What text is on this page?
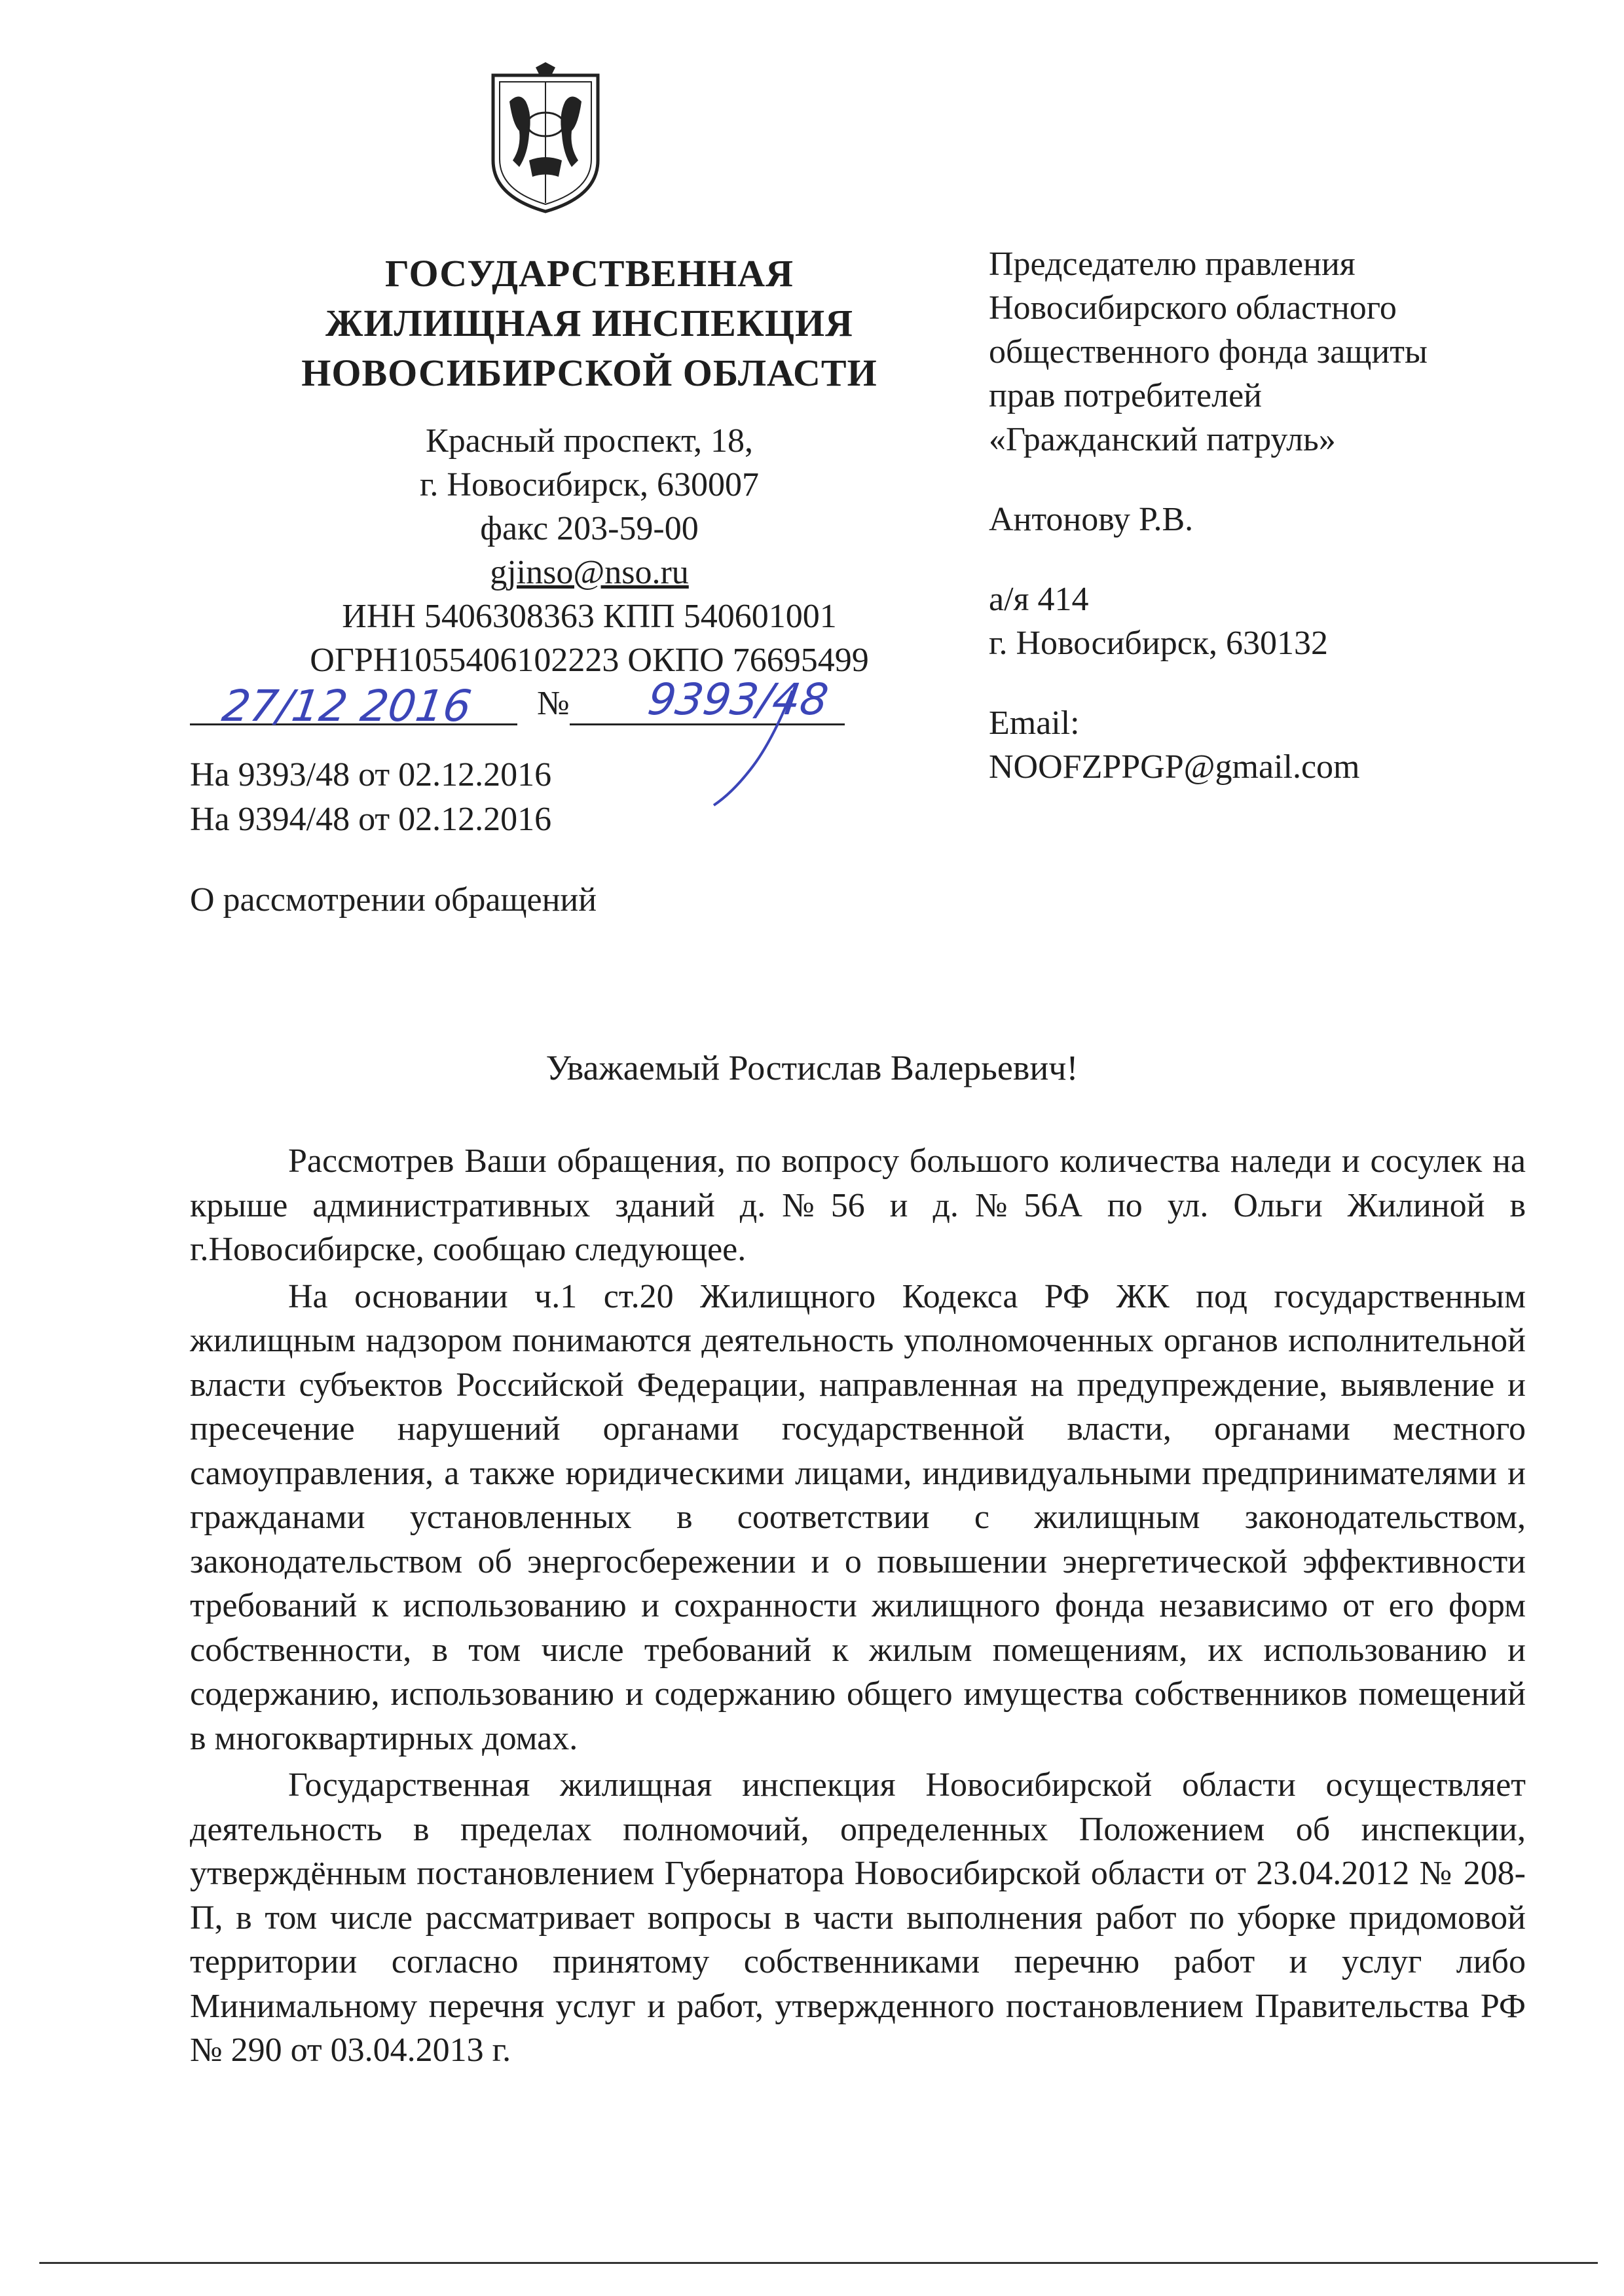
ГОСУДАРСТВЕННАЯ
ЖИЛИЩНАЯ ИНСПЕКЦИЯ
НОВОСИБИРСКОЙ ОБЛАСТИ
Красный проспект, 18,
г. Новосибирск, 630007
факс 203-59-00
gjinso@nso.ru
ИНН 5406308363 КПП 540601001
ОГРН1055406102223 ОКПО 76695499
27/12 2016 № 9393/48
На 9393/48 от 02.12.2016
На 9394/48 от 02.12.2016
О рассмотрении обращений
Председателю правления
Новосибирского областного
общественного фонда защиты
прав потребителей
«Гражданский патруль»
Антонову Р.В.
а/я 414
г. Новосибирск, 630132
Email:
NOOFZPPGP@gmail.com
Уважаемый Ростислав Валерьевич!

Рассмотрев Ваши обращения, по вопросу большого количества наледи и сосулек на крыше административных зданий д.№56 и д.№56А по ул. Ольги Жилиной в г.Новосибирске, сообщаю следующее.

На основании ч.1 ст.20 Жилищного Кодекса РФ ЖК под государственным жилищным надзором понимаются деятельность уполномоченных органов исполнительной власти субъектов Российской Федерации, направленная на предупреждение, выявление и пресечение нарушений органами государственной власти, органами местного самоуправления, а также юридическими лицами, индивидуальными предпринимателями и гражданами установленных в соответствии с жилищным законодательством, законодательством об энергосбережении и о повышении энергетической эффективности требований к использованию и сохранности жилищного фонда независимо от его форм собственности, в том числе требований к жилым помещениям, их использованию и содержанию, использованию и содержанию общего имущества собственников помещений в многоквартирных домах.

Государственная жилищная инспекция Новосибирской области осуществляет деятельность в пределах полномочий, определенных Положением об инспекции, утверждённым постановлением Губернатора Новосибирской области от 23.04.2012 № 208-П, в том числе рассматривает вопросы в части выполнения работ по уборке придомовой территории согласно принятому собственниками перечню работ и услуг либо Минимальному перечня услуг и работ, утвержденного постановлением Правительства РФ № 290 от 03.04.2013 г.
